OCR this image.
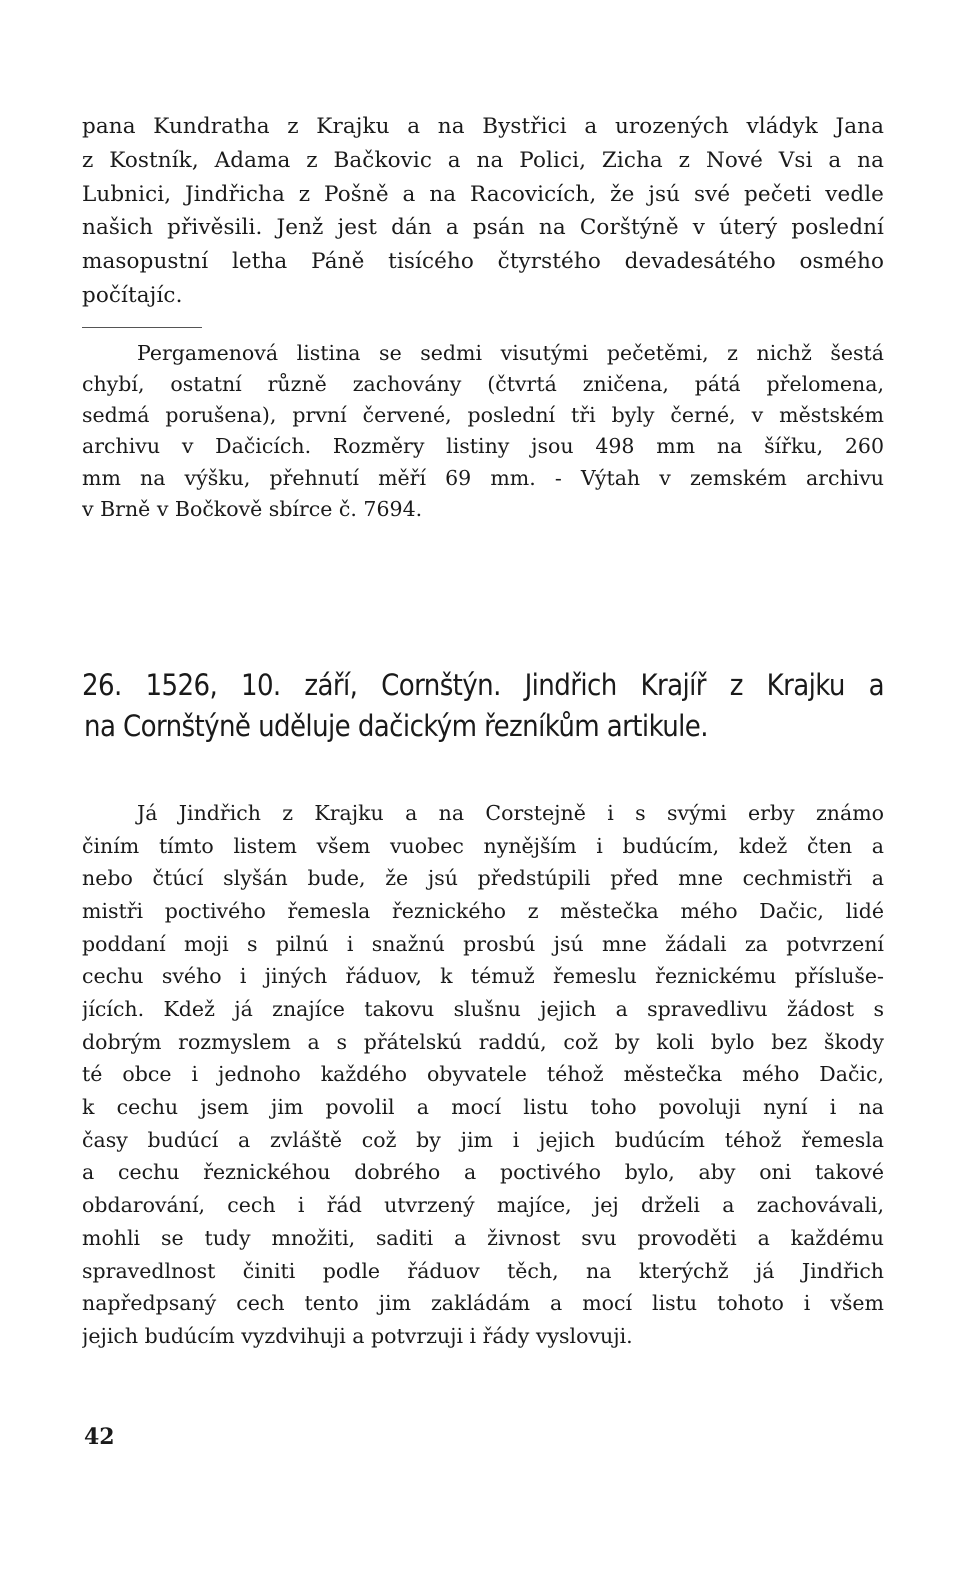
pana Kundratha z Krajku a na Bystřici a urozených vládyk Jana
z Kostník, Adama z Bačkovic a na Polici, Zicha z Nové Vsi a na
Lubnici, Jindřicha z Pošně a na Racovicích, že jsú své pečeti vedle
našich přivěsili. Jenž jest dán a psán na Corštýně v úterý poslední
masopustní letha Páně tisícého čtyrstého devadesátého osmého
počítajíc.
Pergamenová listina se sedmi visutými pečetěmi, z nichž šestá
chybí, ostatní různě zachovány (čtvrtá zničena, pátá přelomena,
sedmá porušena), první červené, poslední tři byly černé, v městském
archivu v Dačicích. Rozměry listiny jsou 498 mm na šířku, 260
mm na výšku, přehnutí měří 69 mm. - Výtah v zemském archivu
v Brně v Bočkově sbírce č. 7694.
26. 1526, 10. září, Cornštýn. Jindřich Krajíř z Krajku a
na Cornštýně uděluje dačickým řezníkům artikule.
Já Jindřich z Krajku a na Corstejně i s svými erby známo
činím tímto listem všem vuobec nynějším i budúcím, kdež čten a
nebo čtúcí slyšán bude, že jsú předstúpili před mne cechmistři a
mistři poctivého řemesla řeznického z městečka mého Dačic, lidé
poddaní moji s pilnú i snažnú prosbú jsú mne žádali za potvrzení
cechu svého i jiných řáduov, k témuž řemeslu řeznickému přísluše-
jících. Kdež já znajíce takovu slušnu jejich a spravedlivu žádost s
dobrým rozmyslem a s přátelskú raddú, což by koli bylo bez škody
té obce i jednoho každého obyvatele téhož městečka mého Dačic,
k cechu jsem jim povolil a mocí listu toho povoluji nyní i na
časy budúcí a zvláště což by jim i jejich budúcím téhož řemesla
a cechu řeznickéhou dobrého a poctivého bylo, aby oni takové
obdarování, cech i řád utvrzený majíce, jej drželi a zachovávali,
mohli se tudy množiti, saditi a živnost svu provoděti a každému
spravedlnost činiti podle řáduov těch, na kterýchž já Jindřich
napředpsaný cech tento jim zakládám a mocí listu tohoto i všem
jejich budúcím vyzdvihuji a potvrzuji i řády vyslovuji.
42
